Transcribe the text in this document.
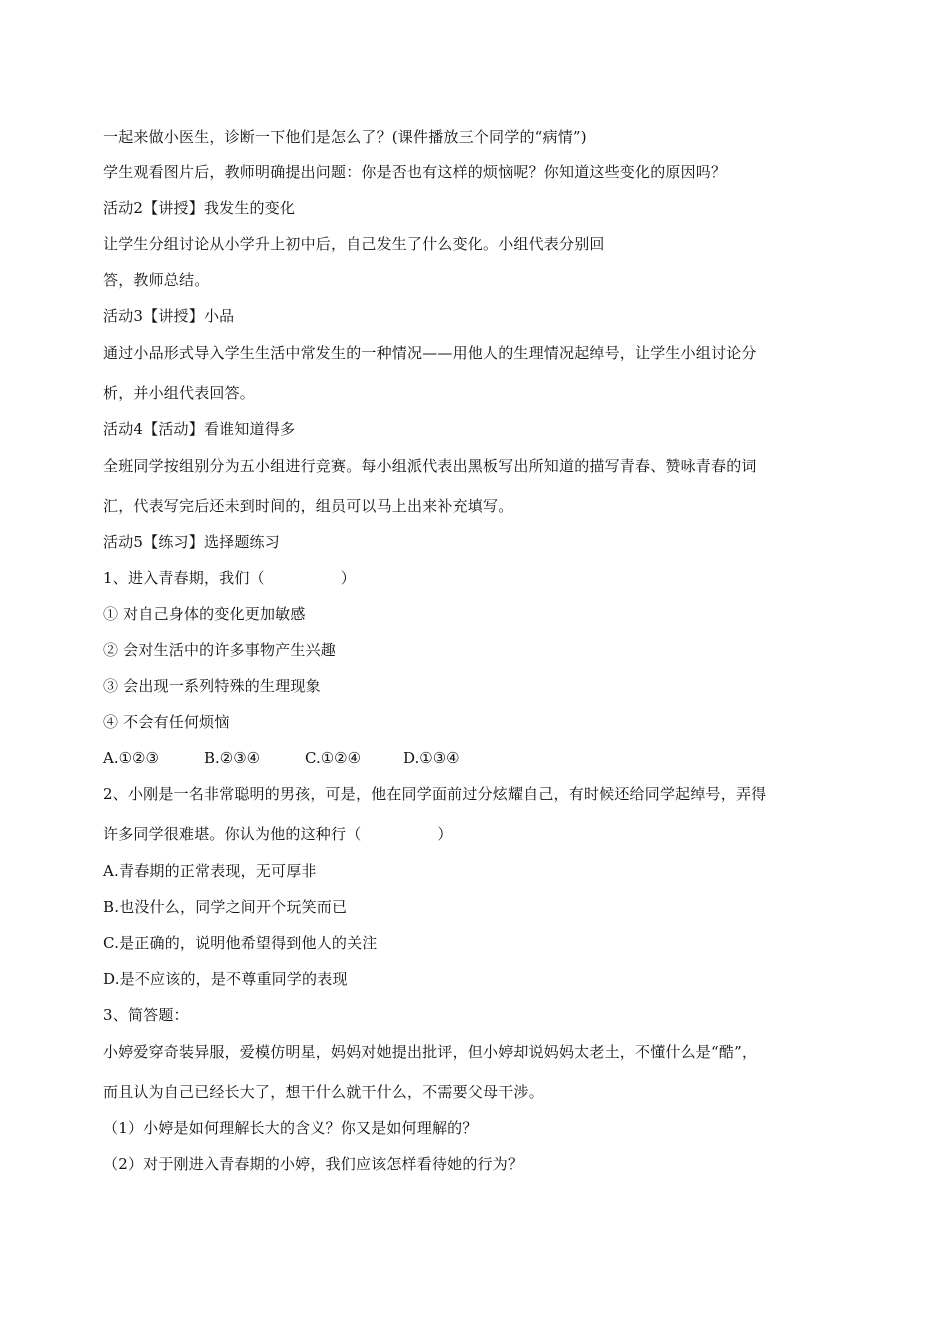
一起来做小医生，诊断一下他们是怎么了？(课件播放三个同学的“病情”)
学生观看图片后，教师明确提出问题：你是否也有这样的烦恼呢？你知道这些变化的原因吗？
活动2【讲授】我发生的变化
让学生分组讨论从小学升上初中后，自己发生了什么变化。小组代表分别回
答，教师总结。
活动3【讲授】小品
通过小品形式导入学生生活中常发生的一种情况——用他人的生理情况起绰号，让学生小组讨论分
析，并小组代表回答。
活动4【活动】看谁知道得多
全班同学按组别分为五小组进行竞赛。每小组派代表出黑板写出所知道的描写青春、赞咏青春的词
汇，代表写完后还未到时间的，组员可以马上出来补充填写。
活动5【练习】选择题练习
1、进入青春期，我们（　　　　　）
① 对自己身体的变化更加敏感
② 会对生活中的许多事物产生兴趣
③ 会出现一系列特殊的生理现象
④ 不会有任何烦恼
A.①②③	B.②③④	C.①②④	D.①③④
2、小刚是一名非常聪明的男孩，可是，他在同学面前过分炫耀自己，有时候还给同学起绰号，弄得
许多同学很难堪。你认为他的这种行（　　　　　）
A.青春期的正常表现，无可厚非
B.也没什么，同学之间开个玩笑而已
C.是正确的，说明他希望得到他人的关注
D.是不应该的，是不尊重同学的表现
3、简答题：
小婷爱穿奇装异服，爱模仿明星，妈妈对她提出批评，但小婷却说妈妈太老土，不懂什么是“酷”，
而且认为自己已经长大了，想干什么就干什么，不需要父母干涉。
（1）小婷是如何理解长大的含义？你又是如何理解的？
（2）对于刚进入青春期的小婷，我们应该怎样看待她的行为？
